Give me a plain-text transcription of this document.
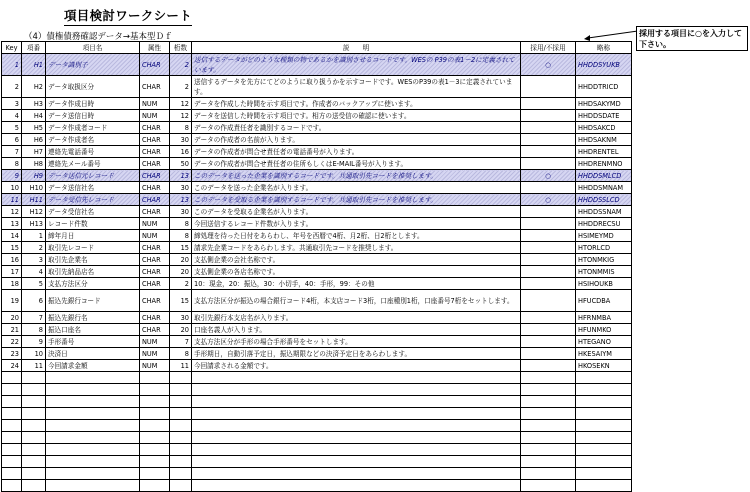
項目検討ワークシート
（4）債権債務確認データ→基本型Ｄｆ	採用する項目に○を入力して下さい。
Key	項番	項目名	属性	桁数	説　　明	採用/不採用	略称
1	H1	データ識別子	CHAR	2	送信するデータがどのような種類の物であるかを識別させるコードです。WESの P39の表1－2に定義されています。	○	HHDDSYUKB
2	H2	データ取扱区分	CHAR	2	送信するデータを先方にてどのように取り扱うかを示すコードです。WESのP39の表1－3に定義されています。		HHDDTRICD
3	H3	データ作成日時	NUM	12	データを作成した時間を示す項目です。作成者のバックアップに使います。		HHDSAKYMD
4	H4	データ送信日時	NUM	12	データを送信した時間を示す項目です。相方の送受信の確認に使います。		HHDDSDATE
5	H5	データ作成者コード	CHAR	8	データの作成責任者を識別するコードです。		HHDSAKCD
6	H6	データ作成者名	CHAR	30	データの作成者の名前が入ります。		HHDSAKNM
7	H7	連絡先電話番号	CHAR	16	データの作成者が問合せ責任者の電話番号が入ります。		HHDRENTEL
8	H8	連絡先メール番号	CHAR	50	データの作成者が問合せ責任者の住所もしくはE-MAIL番号が入ります。		HHDRENMNO
9	H9	データ送信元レコード	CHAR	13	このデータを送った企業を識別するコードです。共通取引先コードを推奨します。	○	HHDDSMLCD
10	H10	データ送信社名	CHAR	30	このデータを送った企業名が入ります。		HHDDSMNAM
11	H11	データ受信先レコード	CHAR	13	このデータを受取る企業を識別するコードです。共通取引先コードを推奨します。	○	HHDDSSLCD
12	H12	データ受信社名	CHAR	30	このデータを受取る企業名が入ります。		HHDDSSNAM
13	H13	レコード件数	NUM	8	今回送信するレコード件数が入ります。		HHDDRECSU
14	1	締年月日	NUM	8	締処理を待った日付をあらわし、年号を西暦で4桁、月2桁、日2桁とします。		HSIMEYMD
15	2	取引先レコード	CHAR	15	請求先企業コードをあらわします。共通取引先コードを推奨します。		HTORLCD
16	3	取引先企業名	CHAR	20	支払側企業の会社名称です。		HTONMKIG
17	4	取引先納品店名	CHAR	20	支払側企業の各店名称です。		HTONMMIS
18	5	支払方法区分	CHAR	2	10：現金，20：振込，30：小切手，40：手形，99：その他		HSIHOUKB
19	6	振込先銀行コード	CHAR	15	支払方法区分が振込の場合銀行コード4桁，本支店コード3桁，口座種別1桁，口座番号7桁をセットします。		HFUCDBA
20	7	振込先銀行名	CHAR	30	取引先銀行本支店名が入ります。		HFRNMBA
21	8	振込口座名	CHAR	20	口座名義人が入ります。		HFUNMKO
22	9	手形番号	NUM	7	支払方法区分が手形の場合手形番号をセットします。		HTEGANO
23	10	決済日	NUM	8	手形期日，自動引落予定日，振込期限などの決済予定日をあらわします。		HKESAIYM
24	11	今回請求金額	NUM	11	今回請求される金額です。		HKOSEKN
